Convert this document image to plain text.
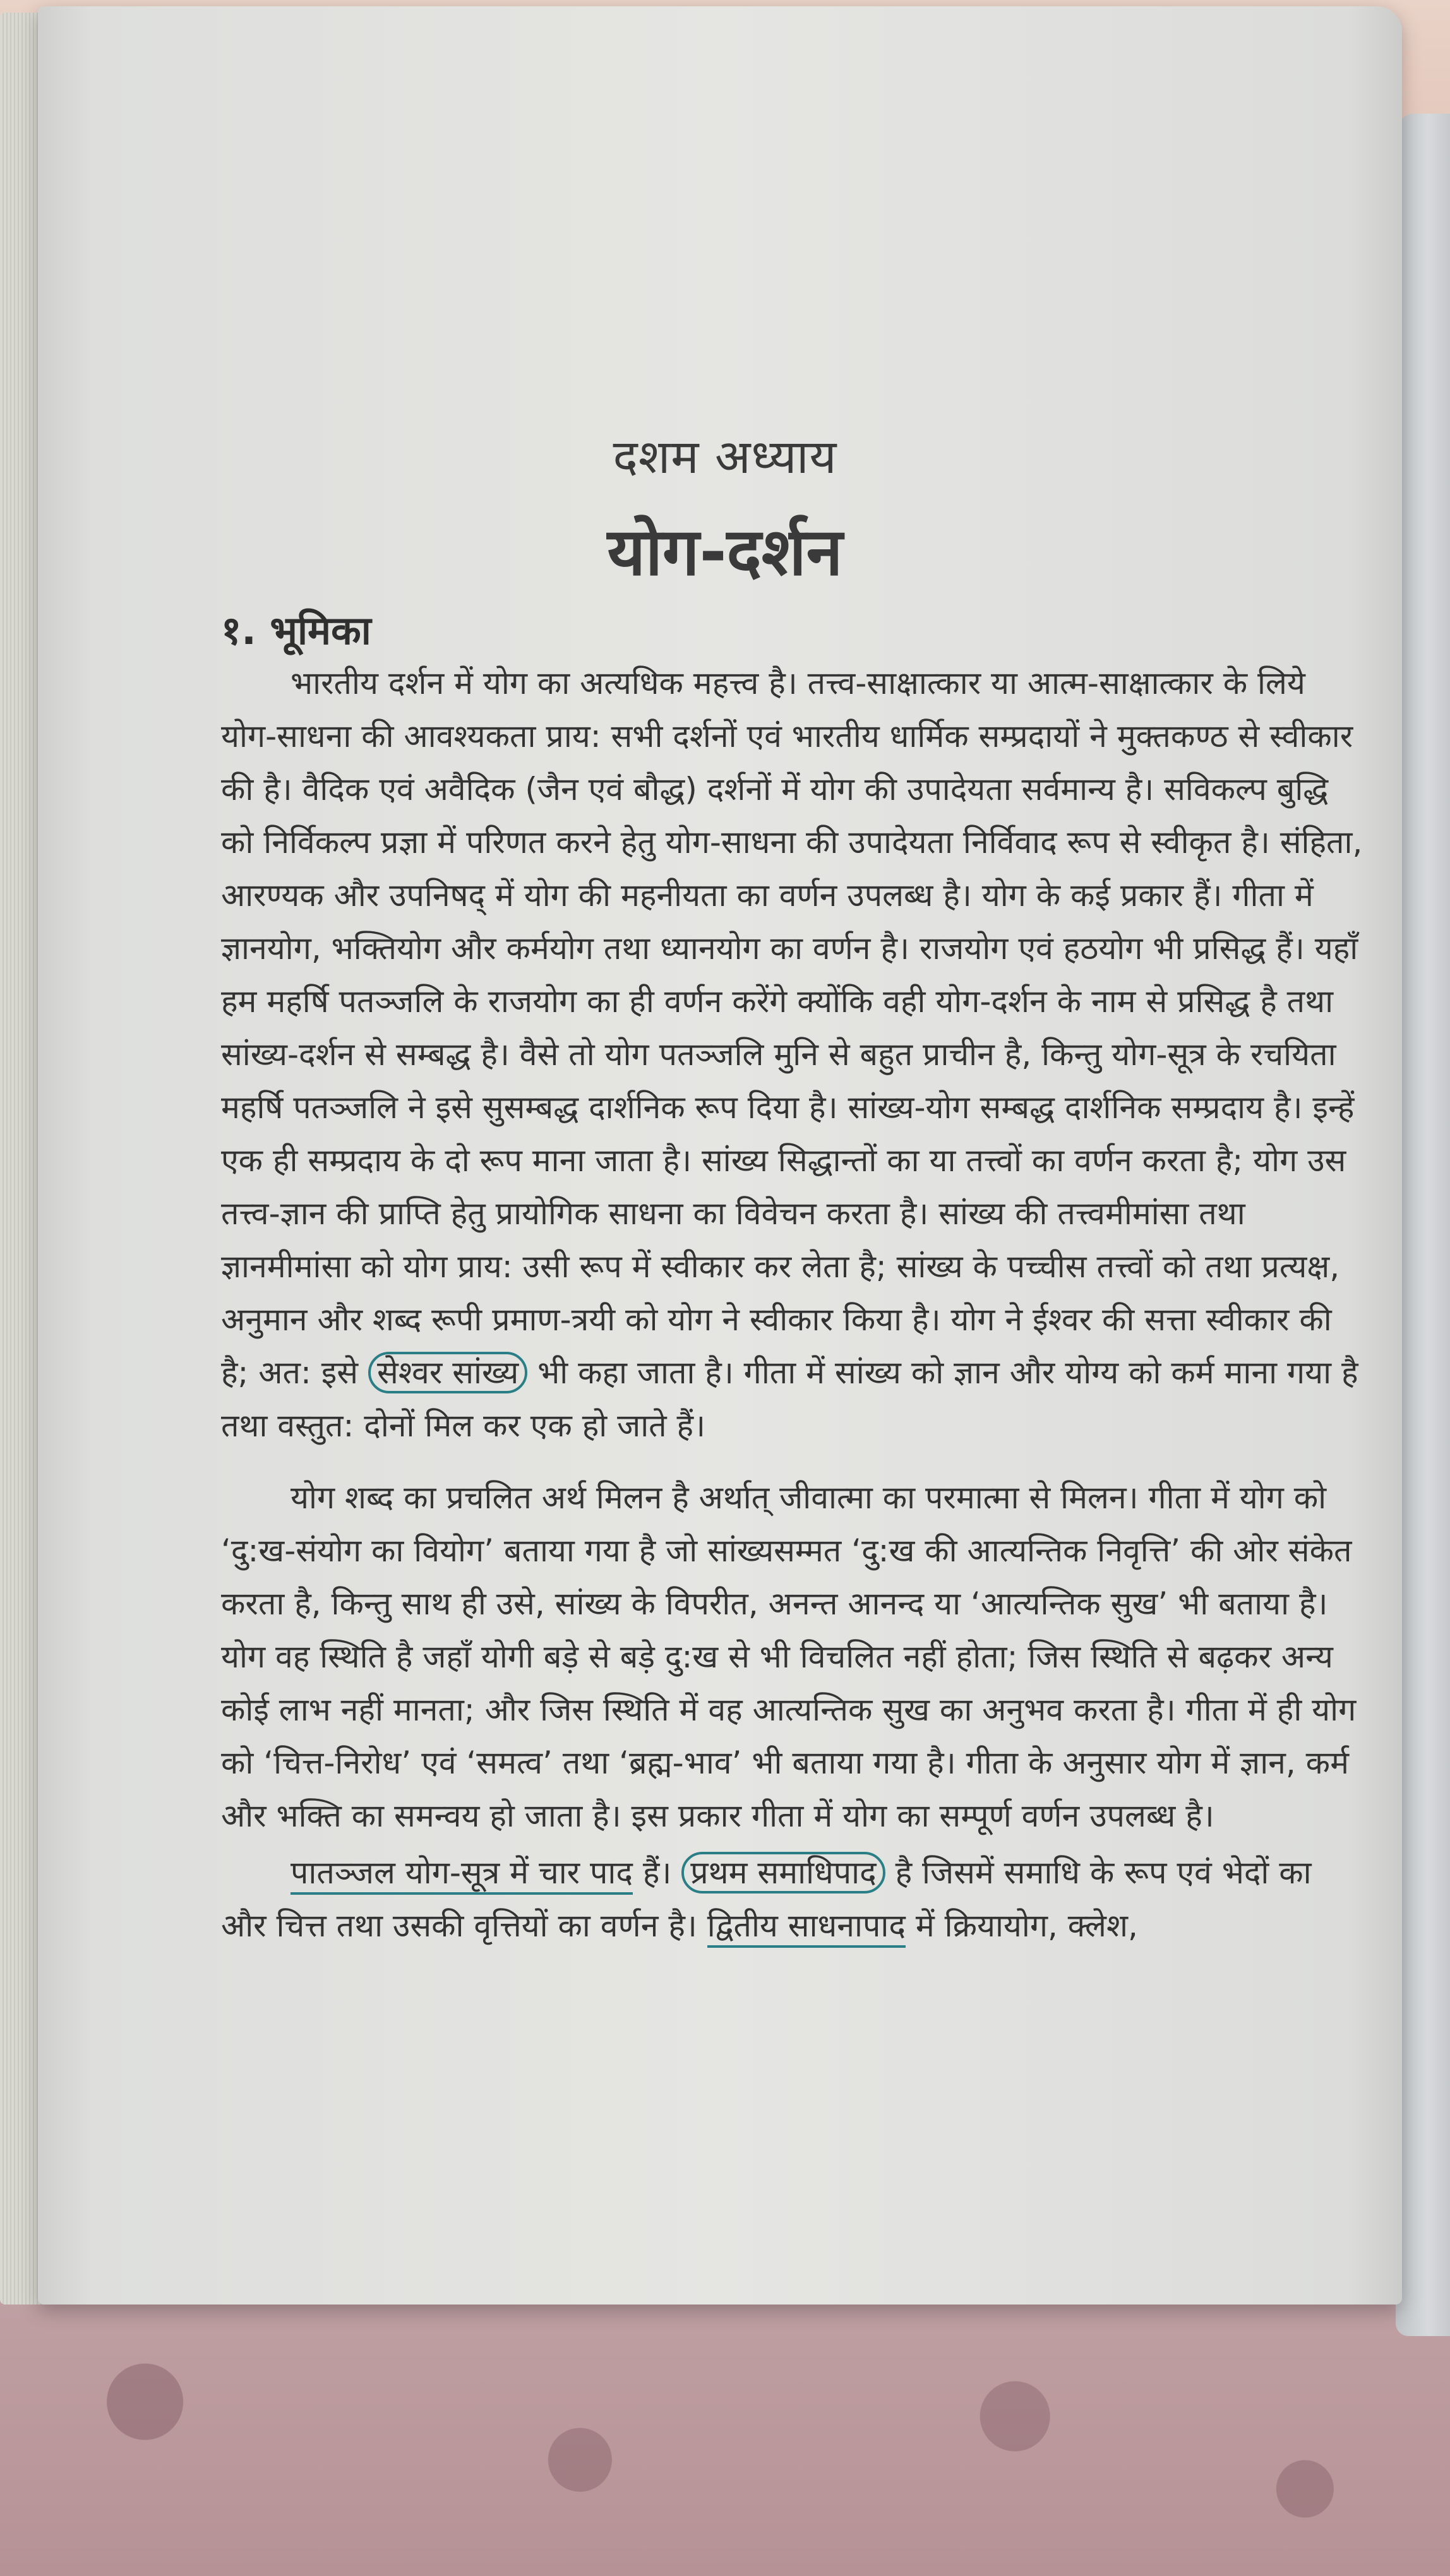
दशम अध्याय
योग-दर्शन
१. भूमिका

भारतीय दर्शन में योग का अत्यधिक महत्त्व है। तत्त्व-साक्षात्कार या आत्म-साक्षात्कार के लिये योग-साधना की आवश्यकता प्राय: सभी दर्शनों एवं भारतीय धार्मिक सम्प्रदायों ने मुक्तकण्ठ से स्वीकार की है। वैदिक एवं अवैदिक (जैन एवं बौद्ध) दर्शनों में योग की उपादेयता सर्वमान्य है। सविकल्प बुद्धि को निर्विकल्प प्रज्ञा में परिणत करने हेतु योग-साधना की उपादेयता निर्विवाद रूप से स्वीकृत है। संहिता, आरण्यक और उपनिषद् में योग की महनीयता का वर्णन उपलब्ध है। योग के कई प्रकार हैं। गीता में ज्ञानयोग, भक्तियोग और कर्मयोग तथा ध्यानयोग का वर्णन है। राजयोग एवं हठयोग भी प्रसिद्ध हैं। यहाँ हम महर्षि पतञ्जलि के राजयोग का ही वर्णन करेंगे क्योंकि वही योग-दर्शन के नाम से प्रसिद्ध है तथा सांख्य-दर्शन से सम्बद्ध है। वैसे तो योग पतञ्जलि मुनि से बहुत प्राचीन है, किन्तु योग-सूत्र के रचयिता महर्षि पतञ्जलि ने इसे सुसम्बद्ध दार्शनिक रूप दिया है। सांख्य-योग सम्बद्ध दार्शनिक सम्प्रदाय है। इन्हें एक ही सम्प्रदाय के दो रूप माना जाता है। सांख्य सिद्धान्तों का या तत्त्वों का वर्णन करता है; योग उस तत्त्व-ज्ञान की प्राप्ति हेतु प्रायोगिक साधना का विवेचन करता है। सांख्य की तत्त्वमीमांसा तथा ज्ञानमीमांसा को योग प्राय: उसी रूप में स्वीकार कर लेता है; सांख्य के पच्चीस तत्त्वों को तथा प्रत्यक्ष, अनुमान और शब्द रूपी प्रमाण-त्रयी को योग ने स्वीकार किया है। योग ने ईश्वर की सत्ता स्वीकार की है; अत: इसे सेश्वर सांख्य भी कहा जाता है। गीता में सांख्य को ज्ञान और योग्य को कर्म माना गया है तथा वस्तुत: दोनों मिल कर एक हो जाते हैं।

योग शब्द का प्रचलित अर्थ मिलन है अर्थात् जीवात्मा का परमात्मा से मिलन। गीता में योग को ‘दु:ख-संयोग का वियोग’ बताया गया है जो सांख्यसम्मत ‘दु:ख की आत्यन्तिक निवृत्ति’ की ओर संकेत करता है, किन्तु साथ ही उसे, सांख्य के विपरीत, अनन्त आनन्द या ‘आत्यन्तिक सुख’ भी बताया है। योग वह स्थिति है जहाँ योगी बड़े से बड़े दु:ख से भी विचलित नहीं होता; जिस स्थिति से बढ़कर अन्य कोई लाभ नहीं मानता; और जिस स्थिति में वह आत्यन्तिक सुख का अनुभव करता है। गीता में ही योग को ‘चित्त-निरोध’ एवं ‘समत्व’ तथा ‘ब्रह्म-भाव’ भी बताया गया है। गीता के अनुसार योग में ज्ञान, कर्म और भक्ति का समन्वय हो जाता है। इस प्रकार गीता में योग का सम्पूर्ण वर्णन उपलब्ध है।

पातञ्जल योग-सूत्र में चार पाद हैं। प्रथम समाधिपाद है जिसमें समाधि के रूप एवं भेदों का और चित्त तथा उसकी वृत्तियों का वर्णन है। द्वितीय साधनापाद में क्रियायोग, क्लेश,
